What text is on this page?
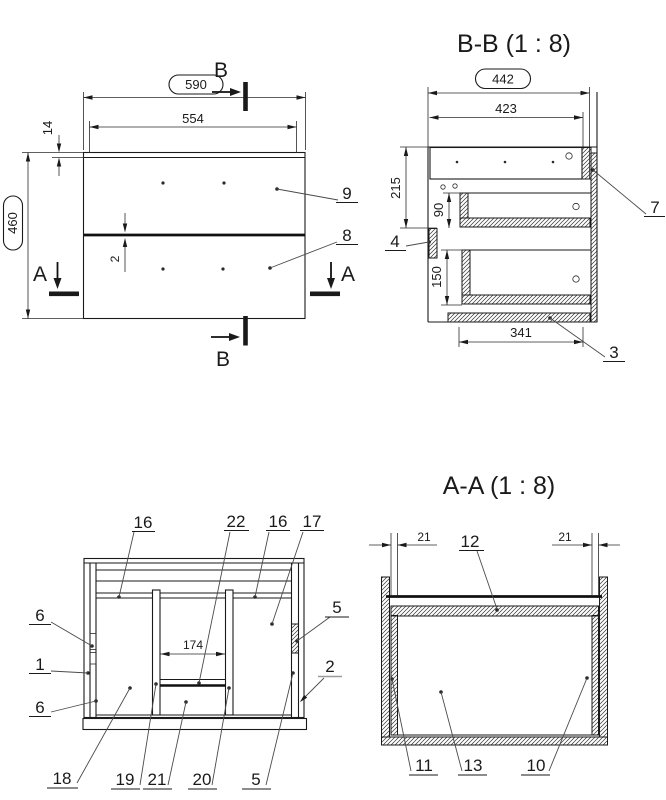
590
554
14
460
2
B
B
A	A
9
8
B-B (1 : 8)
442
423
215
90
150
341
7
4
3
174
16	22 16 17
6
1
6
18	19 21 20 5
5
2
A-A (1 : 8)
21	21
12
11 13	10
